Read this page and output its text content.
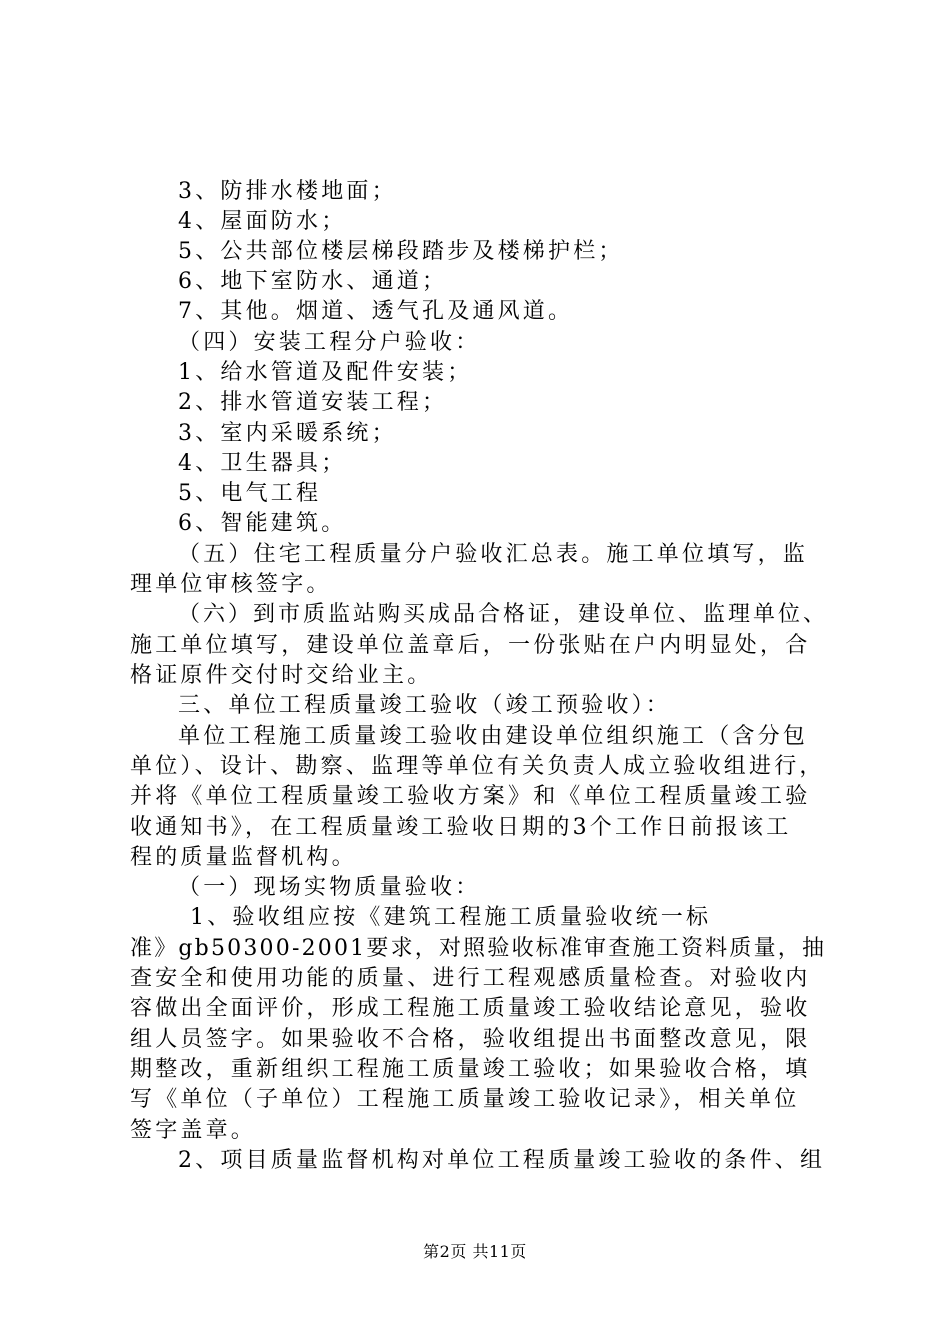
3、防排水楼地面；
4、屋面防水；
5、公共部位楼层梯段踏步及楼梯护栏；
6、地下室防水、通道；
7、其他。烟道、透气孔及通风道。
（四）安装工程分户验收：
1、给水管道及配件安装；
2、排水管道安装工程；
3、室内采暖系统；
4、卫生器具；
5、电气工程
6、智能建筑。
（五）住宅工程质量分户验收汇总表。施工单位填写，监
理单位审核签字。
（六）到市质监站购买成品合格证，建设单位、监理单位、
施工单位填写，建设单位盖章后，一份张贴在户内明显处，合
格证原件交付时交给业主。
三、单位工程质量竣工验收（竣工预验收）：
单位工程施工质量竣工验收由建设单位组织施工（含分包
单位）、设计、勘察、监理等单位有关负责人成立验收组进行，
并将《单位工程质量竣工验收方案》和《单位工程质量竣工验
收通知书》，在工程质量竣工验收日期的3个工作日前报该工
程的质量监督机构。
（一）现场实物质量验收：
1、验收组应按《建筑工程施工质量验收统一标
准》gb50300-2001要求，对照验收标准审查施工资料质量，抽
查安全和使用功能的质量、进行工程观感质量检查。对验收内
容做出全面评价，形成工程施工质量竣工验收结论意见，验收
组人员签字。如果验收不合格，验收组提出书面整改意见，限
期整改，重新组织工程施工质量竣工验收；如果验收合格，填
写《单位（子单位）工程施工质量竣工验收记录》，相关单位
签字盖章。
2、项目质量监督机构对单位工程质量竣工验收的条件、组
第2页 共11页
